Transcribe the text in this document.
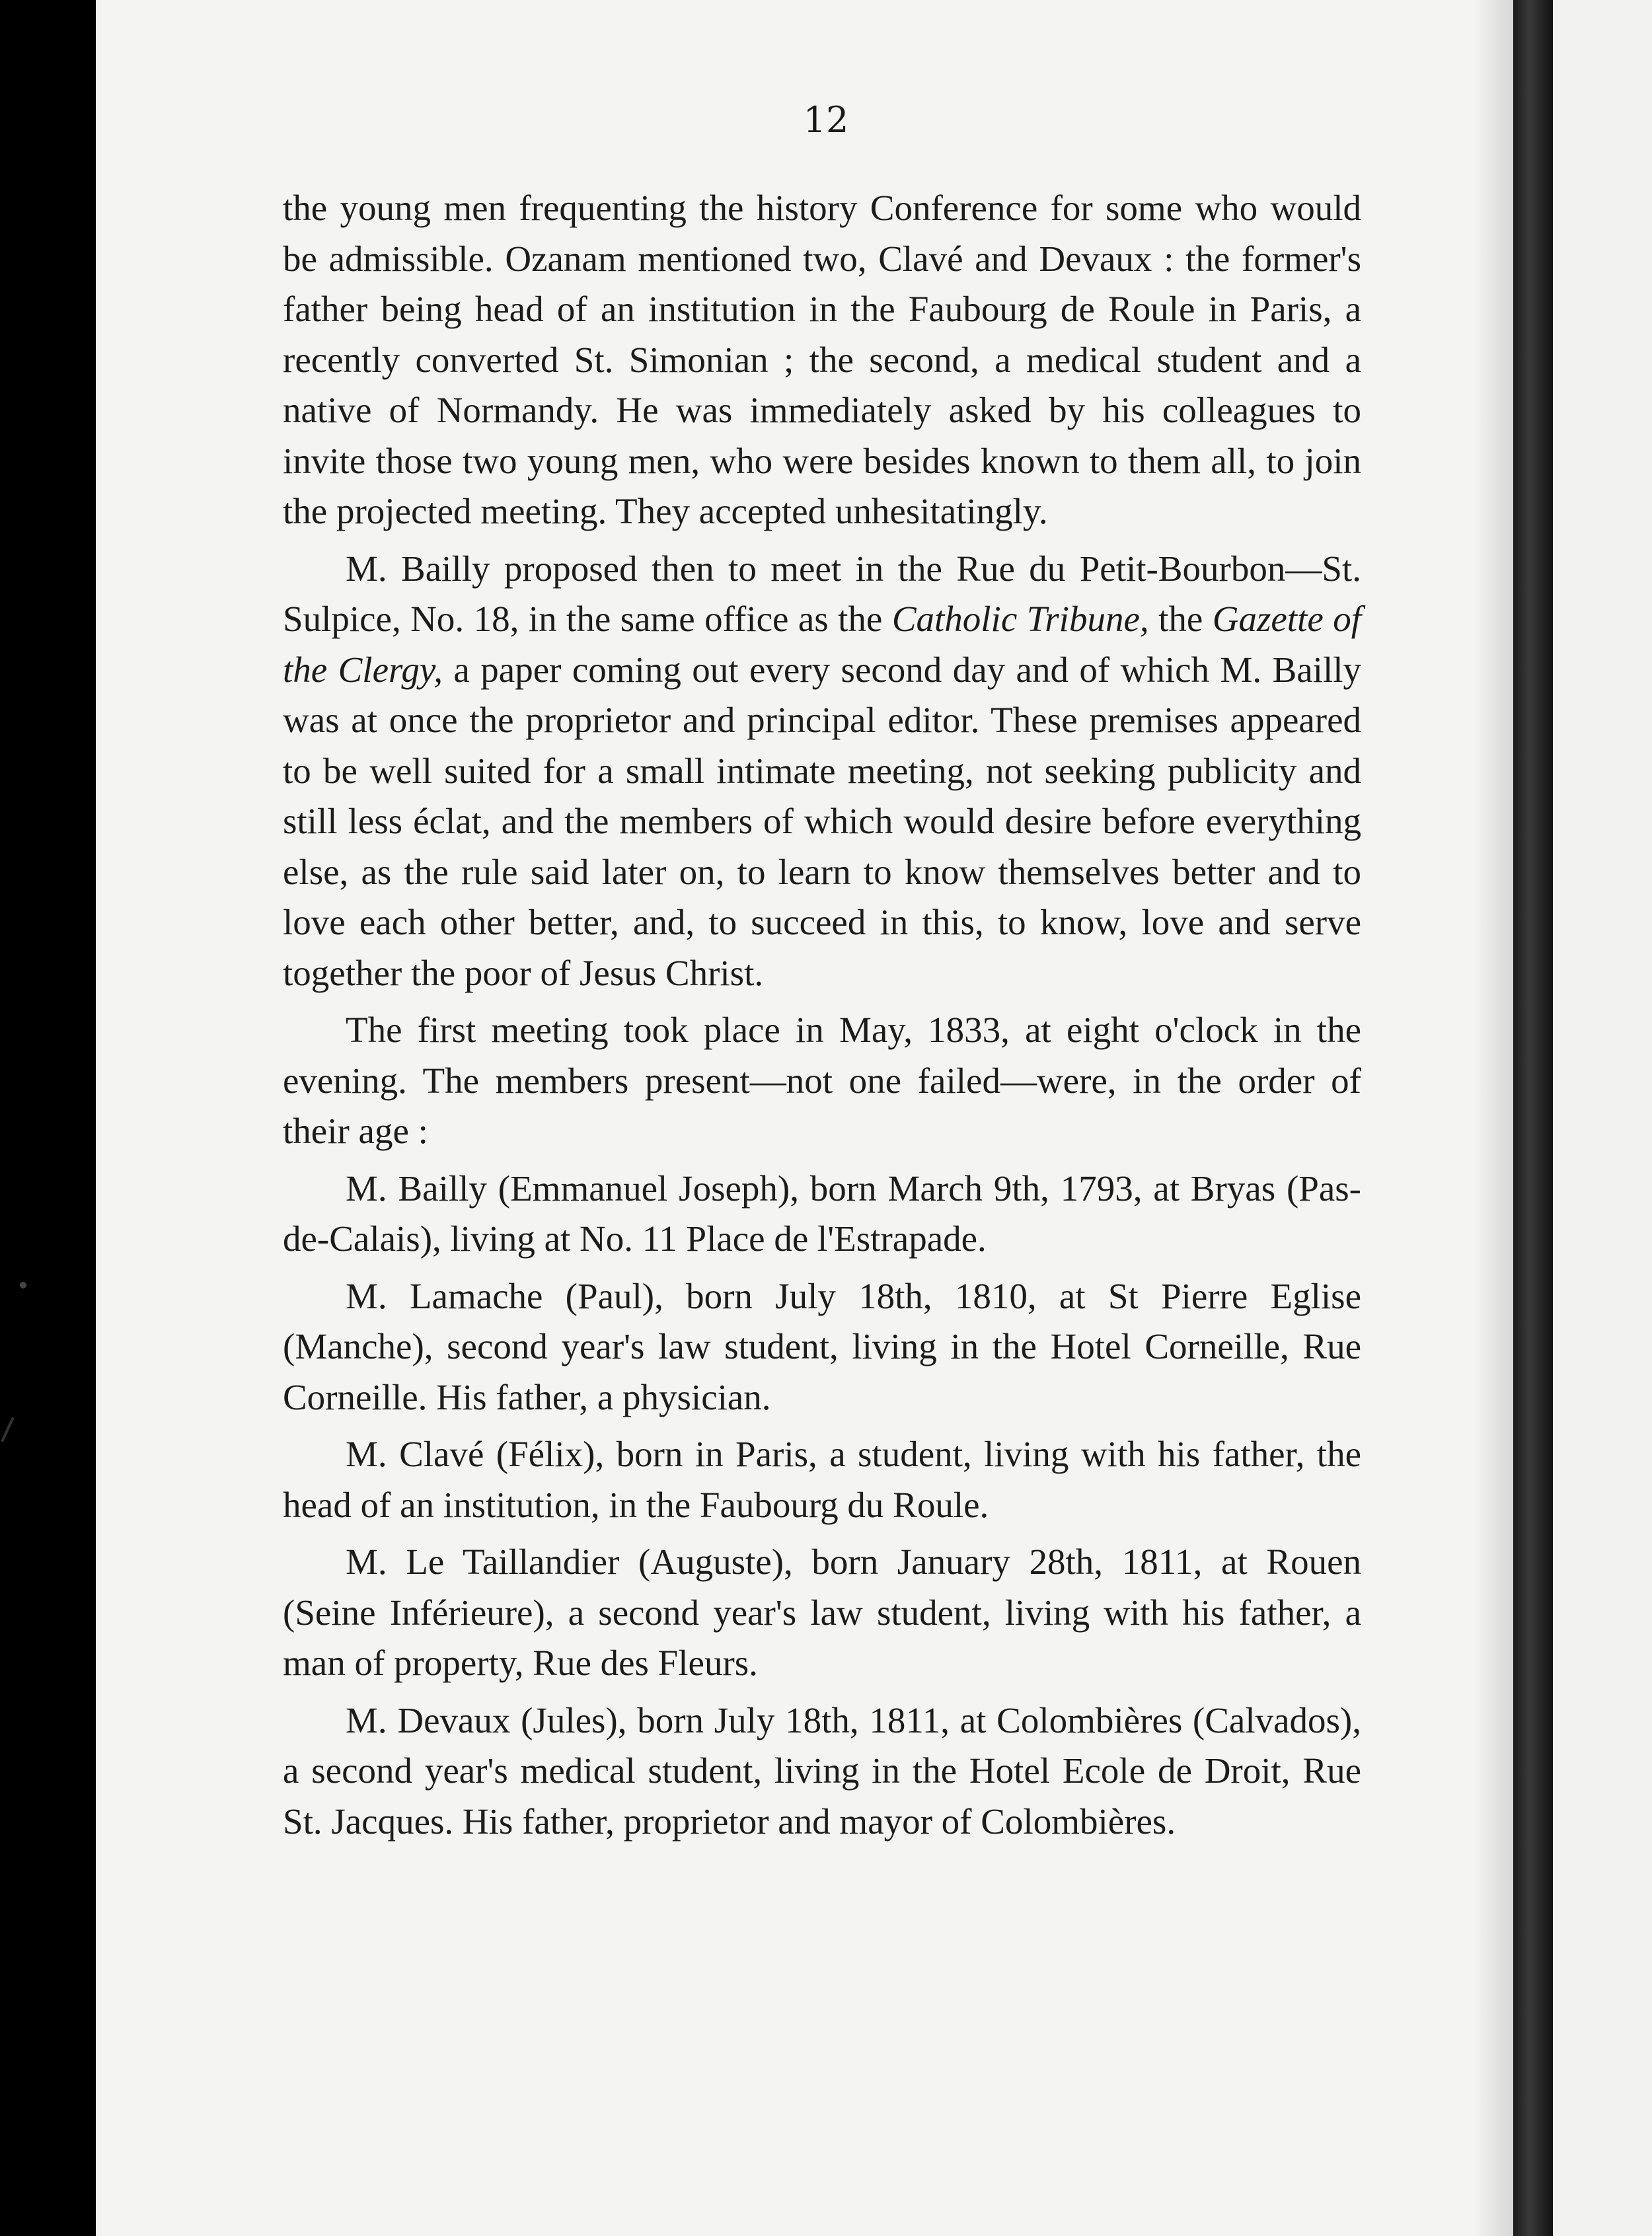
12

the young men frequenting the history Conference for some who would be admissible. Ozanam mentioned two, Clavé and Devaux : the former's father being head of an institution in the Faubourg de Roule in Paris, a recently converted St. Simonian ; the second, a medical student and a native of Normandy. He was immediately asked by his colleagues to invite those two young men, who were besides known to them all, to join the projected meeting. They accepted unhesitatingly.

M. Bailly proposed then to meet in the Rue du Petit-Bourbon—St. Sulpice, No. 18, in the same office as the Catholic Tribune, the Gazette of the Clergy, a paper coming out every second day and of which M. Bailly was at once the proprietor and principal editor. These premises appeared to be well suited for a small intimate meeting, not seeking publicity and still less éclat, and the members of which would desire before everything else, as the rule said later on, to learn to know themselves better and to love each other better, and, to succeed in this, to know, love and serve together the poor of Jesus Christ.

The first meeting took place in May, 1833, at eight o'clock in the evening. The members present—not one failed—were, in the order of their age :

M. Bailly (Emmanuel Joseph), born March 9th, 1793, at Bryas (Pas-de-Calais), living at No. 11 Place de l'Estrapade.

M. Lamache (Paul), born July 18th, 1810, at St Pierre Eglise (Manche), second year's law student, living in the Hotel Corneille, Rue Corneille. His father, a physician.

M. Clavé (Félix), born in Paris, a student, living with his father, the head of an institution, in the Faubourg du Roule.

M. Le Taillandier (Auguste), born January 28th, 1811, at Rouen (Seine Inférieure), a second year's law student, living with his father, a man of property, Rue des Fleurs.

M. Devaux (Jules), born July 18th, 1811, at Colombières (Calvados), a second year's medical student, living in the Hotel Ecole de Droit, Rue St. Jacques. His father, proprietor and mayor of Colombières.
